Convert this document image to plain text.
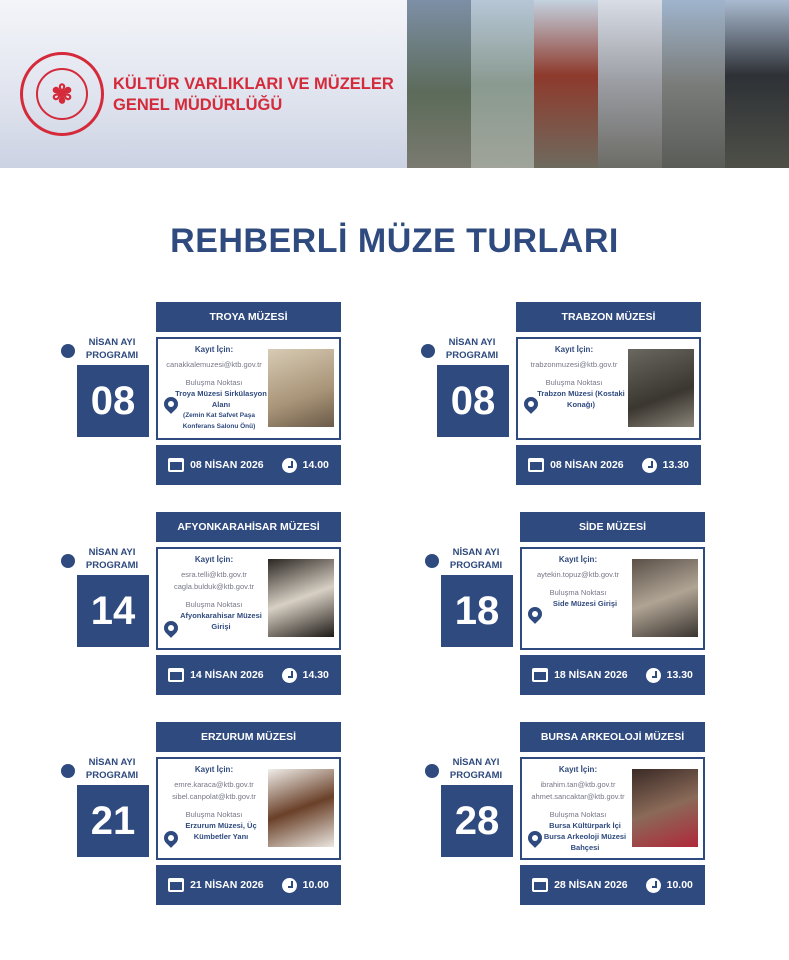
✾	KÜLTÜR VARLIKLARI VE MÜZELER
GENEL MÜDÜRLÜĞÜ
REHBERLİ MÜZE TURLARI
NİSAN AYI PROGRAMI
08
TROYA MÜZESİ
Kayıt İçin:
canakkalemuzesi@ktb.gov.tr
Buluşma Noktası
Troya Müzesi Sirkülasyon Alanı
(Zemin Kat Safvet Paşa Konferans Salonu Önü)
08 NİSAN 2026	14.00
NİSAN AYI PROGRAMI
08
TRABZON MÜZESİ
Kayıt İçin:
trabzonmuzesi@ktb.gov.tr
Buluşma Noktası
Trabzon Müzesi (Kostaki Konağı)
08 NİSAN 2026	13.30
NİSAN AYI PROGRAMI
14
AFYONKARAHİSAR MÜZESİ
Kayıt İçin:
esra.telli@ktb.gov.tr
cagla.bulduk@ktb.gov.tr
Buluşma Noktası
Afyonkarahisar Müzesi Girişi
14 NİSAN 2026	14.30
NİSAN AYI PROGRAMI
18
SİDE MÜZESİ
Kayıt İçin:
aytekin.topuz@ktb.gov.tr
Buluşma Noktası
Side Müzesi Girişi
18 NİSAN 2026	13.30
NİSAN AYI PROGRAMI
21
ERZURUM MÜZESİ
Kayıt İçin:
emre.karaca@ktb.gov.tr
sibel.canpolat@ktb.gov.tr
Buluşma Noktası
Erzurum Müzesi, Üç Kümbetler Yanı
21 NİSAN 2026	10.00
NİSAN AYI PROGRAMI
28
BURSA ARKEOLOJİ MÜZESİ
Kayıt İçin:
ibrahim.tan@ktb.gov.tr
ahmet.sancaktar@ktb.gov.tr
Buluşma Noktası
Bursa Kültürpark İçi Bursa Arkeoloji Müzesi Bahçesi
28 NİSAN 2026	10.00
